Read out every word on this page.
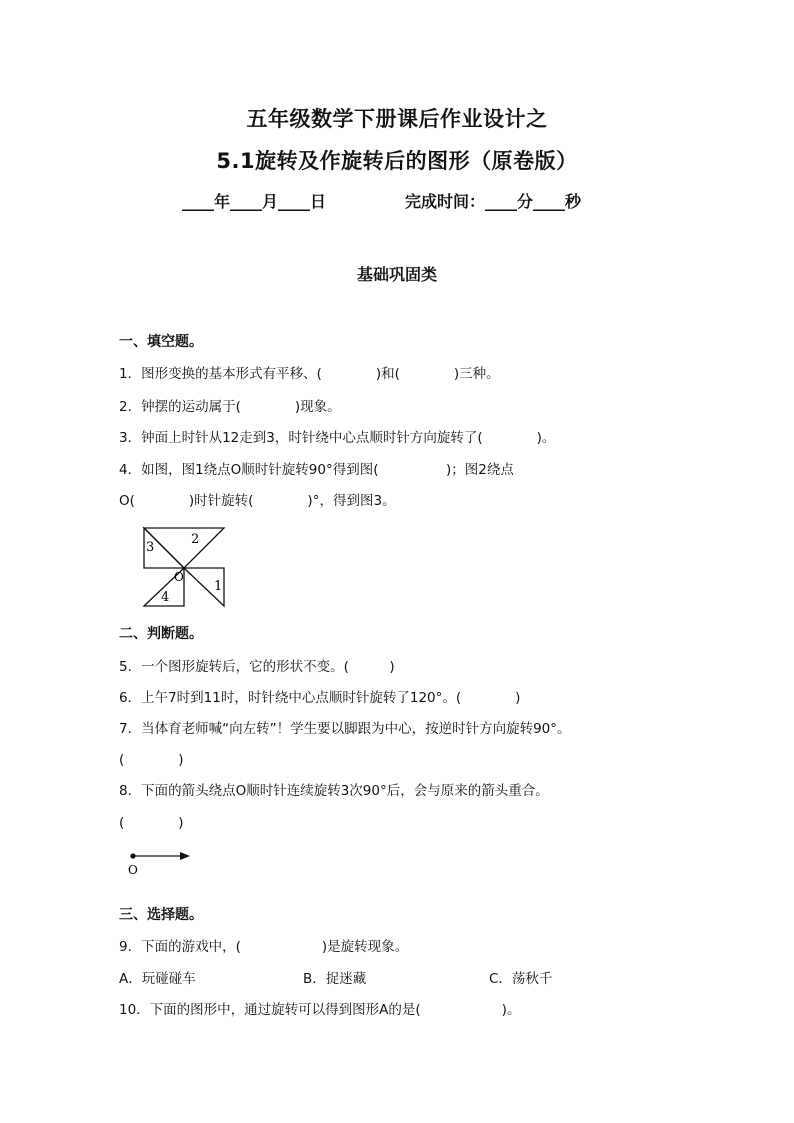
五年级数学下册课后作业设计之
5.1旋转及作旋转后的图形（原卷版）
____年____月____日	完成时间：____分____秒
基础巩固类
一、填空题。
1．图形变换的基本形式有平移、(　　　　)和(　　　　)三种。
2．钟摆的运动属于(　　　　)现象。
3．钟面上时针从12走到3，时针绕中心点顺时针方向旋转了(　　　　)。
4．如图，图1绕点O顺时针旋转90°得到图(　　　　　)；图2绕点
O(　　　　)时针旋转(　　　　)°，得到图3。
2
3
1
4
O
二、判断题。
5．一个图形旋转后，它的形状不变。(　　　)
6．上午7时到11时，时针绕中心点顺时针旋转了120°。(　　　　)
7．当体育老师喊“向左转”！学生要以脚跟为中心，按逆时针方向旋转90°。
(　　　　)
8．下面的箭头绕点O顺时针连续旋转3次90°后，会与原来的箭头重合。
(　　　　)
O
三、选择题。
9．下面的游戏中，(　　　　　　)是旋转现象。
A．玩碰碰车	B．捉迷藏	C．荡秋千
10．下面的图形中，通过旋转可以得到图形A的是(　　　　　　)。
